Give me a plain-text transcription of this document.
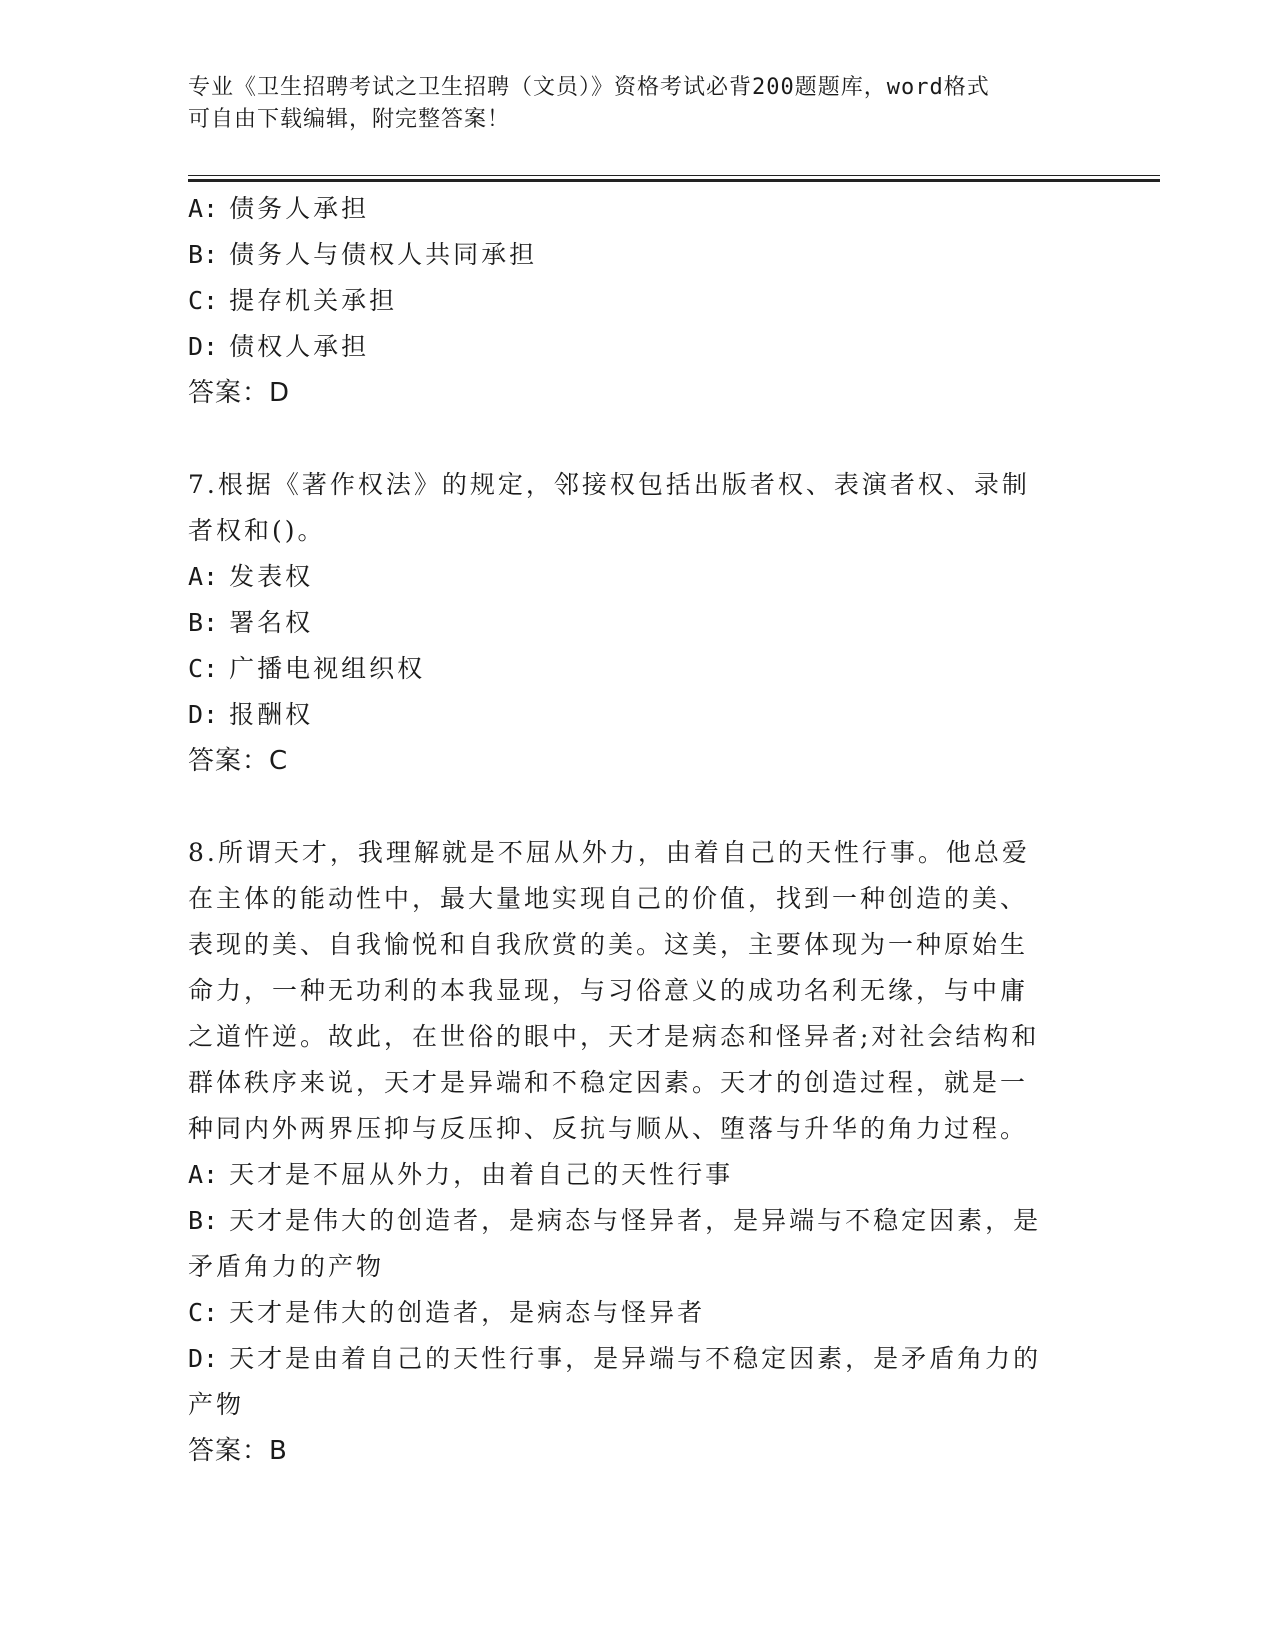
专业《卫生招聘考试之卫生招聘（文员）》资格考试必背200题题库，word格式
可自由下载编辑，附完整答案！
A: 债务人承担
B: 债务人与债权人共同承担
C: 提存机关承担
D: 债权人承担
答案：D
7.根据《著作权法》的规定，邻接权包括出版者权、表演者权、录制
者权和()。
A: 发表权
B: 署名权
C: 广播电视组织权
D: 报酬权
答案：C
8.所谓天才，我理解就是不屈从外力，由着自己的天性行事。他总爱
在主体的能动性中，最大量地实现自己的价值，找到一种创造的美、
表现的美、自我愉悦和自我欣赏的美。这美，主要体现为一种原始生
命力，一种无功利的本我显现，与习俗意义的成功名利无缘，与中庸
之道忤逆。故此，在世俗的眼中，天才是病态和怪异者;对社会结构和
群体秩序来说，天才是异端和不稳定因素。天才的创造过程，就是一
种同内外两界压抑与反压抑、反抗与顺从、堕落与升华的角力过程。
A: 天才是不屈从外力，由着自己的天性行事
B: 天才是伟大的创造者，是病态与怪异者，是异端与不稳定因素，是
矛盾角力的产物
C: 天才是伟大的创造者，是病态与怪异者
D: 天才是由着自己的天性行事，是异端与不稳定因素，是矛盾角力的
产物
答案：B
